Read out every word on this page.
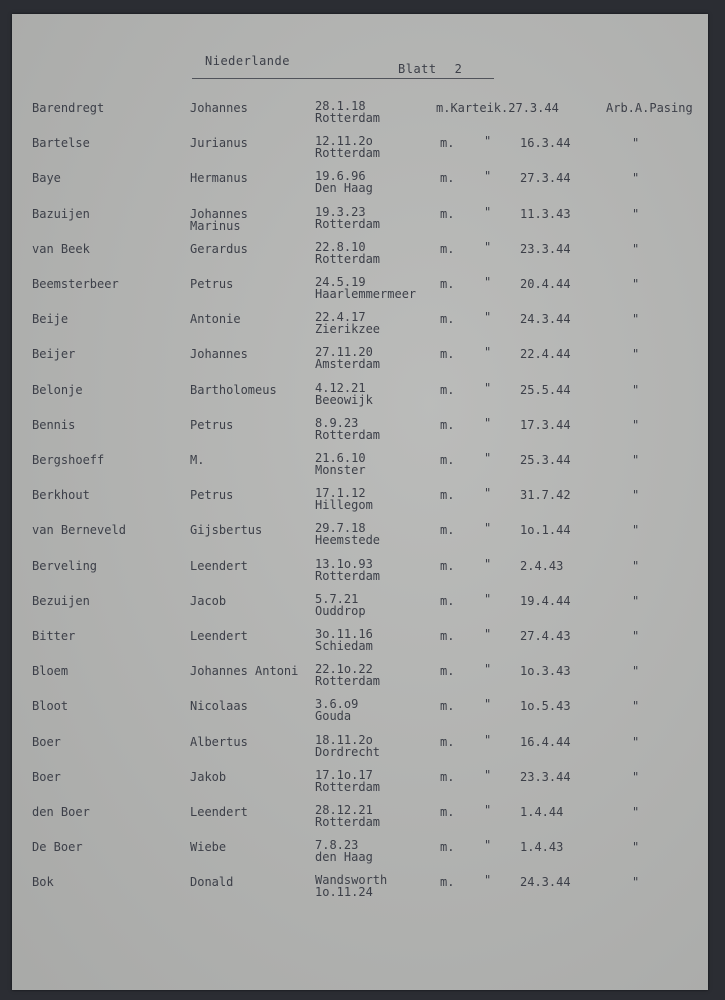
Niederlande
Blatt 2
Barendregt	Johannes	28.1.18
Rotterdam
m.Karteik.27.3.44	Arb.A.Pasing
Bartelse	Jurianus	12.11.2o
Rotterdam
m. " 16.3.44	"
Baye	Hermanus	19.6.96
Den Haag
m. " 27.3.44	"
Bazuijen	Johannes
Marinus
19.3.23
Rotterdam
m. " 11.3.43	"
van Beek	Gerardus	22.8.10
Rotterdam
m. " 23.3.44	"
Beemsterbeer	Petrus	24.5.19
Haarlemmermeer
m. " 20.4.44	"
Beije	Antonie	22.4.17
Zierikzee
m. " 24.3.44	"
Beijer	Johannes	27.11.20
Amsterdam
m. " 22.4.44	"
Belonje	Bartholomeus	4.12.21
Beeowijk
m. " 25.5.44	"
Bennis	Petrus	8.9.23
Rotterdam
m. " 17.3.44	"
Bergshoeff	M.	21.6.10
Monster
m. " 25.3.44	"
Berkhout	Petrus	17.1.12
Hillegom
m. " 31.7.42	"
van Berneveld	Gijsbertus	29.7.18
Heemstede
m. " 1o.1.44	"
Berveling	Leendert	13.1o.93
Rotterdam
m. " 2.4.43	"
Bezuijen	Jacob	5.7.21
Ouddrop
m. " 19.4.44	"
Bitter	Leendert	3o.11.16
Schiedam
m. " 27.4.43	"
Bloem	Johannes Antoni 22.1o.22
Rotterdam
m. " 1o.3.43	"
Bloot	Nicolaas	3.6.o9
Gouda
m. " 1o.5.43	"
Boer	Albertus	18.11.2o
Dordrecht
m. " 16.4.44	"
Boer	Jakob	17.1o.17
Rotterdam
m. " 23.3.44	"
den Boer	Leendert	28.12.21
Rotterdam
m. " 1.4.44	"
De Boer	Wiebe	7.8.23
den Haag
m. " 1.4.43	"
Bok	Donald	Wandsworth
1o.11.24
m. " 24.3.44	"
